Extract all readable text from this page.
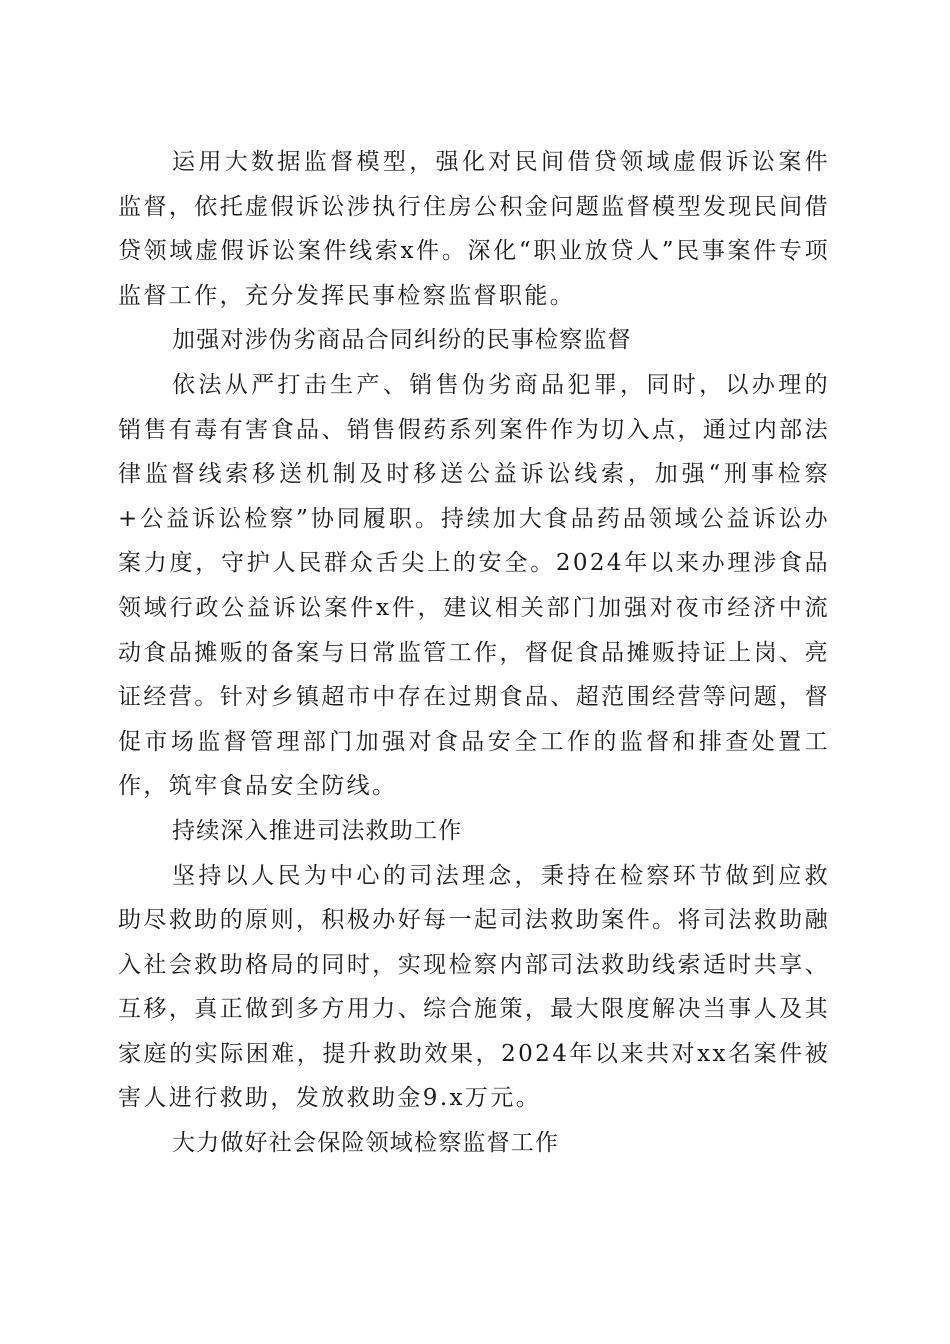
运用大数据监督模型，强化对民间借贷领域虚假诉讼案件监督，依托虚假诉讼涉执行住房公积金问题监督模型发现民间借贷领域虚假诉讼案件线索x件。深化“职业放贷人”民事案件专项监督工作，充分发挥民事检察监督职能。

加强对涉伪劣商品合同纠纷的民事检察监督

依法从严打击生产、销售伪劣商品犯罪，同时，以办理的销售有毒有害食品、销售假药系列案件作为切入点，通过内部法律监督线索移送机制及时移送公益诉讼线索，加强“刑事检察+公益诉讼检察”协同履职。持续加大食品药品领域公益诉讼办案力度，守护人民群众舌尖上的安全。2024年以来办理涉食品领域行政公益诉讼案件x件，建议相关部门加强对夜市经济中流动食品摊贩的备案与日常监管工作，督促食品摊贩持证上岗、亮证经营。针对乡镇超市中存在过期食品、超范围经营等问题，督促市场监督管理部门加强对食品安全工作的监督和排查处置工作，筑牢食品安全防线。

持续深入推进司法救助工作

坚持以人民为中心的司法理念，秉持在检察环节做到应救助尽救助的原则，积极办好每一起司法救助案件。将司法救助融入社会救助格局的同时，实现检察内部司法救助线索适时共享、互移，真正做到多方用力、综合施策，最大限度解决当事人及其家庭的实际困难，提升救助效果，2024年以来共对xx名案件被害人进行救助，发放救助金9.x万元。

大力做好社会保险领域检察监督工作
